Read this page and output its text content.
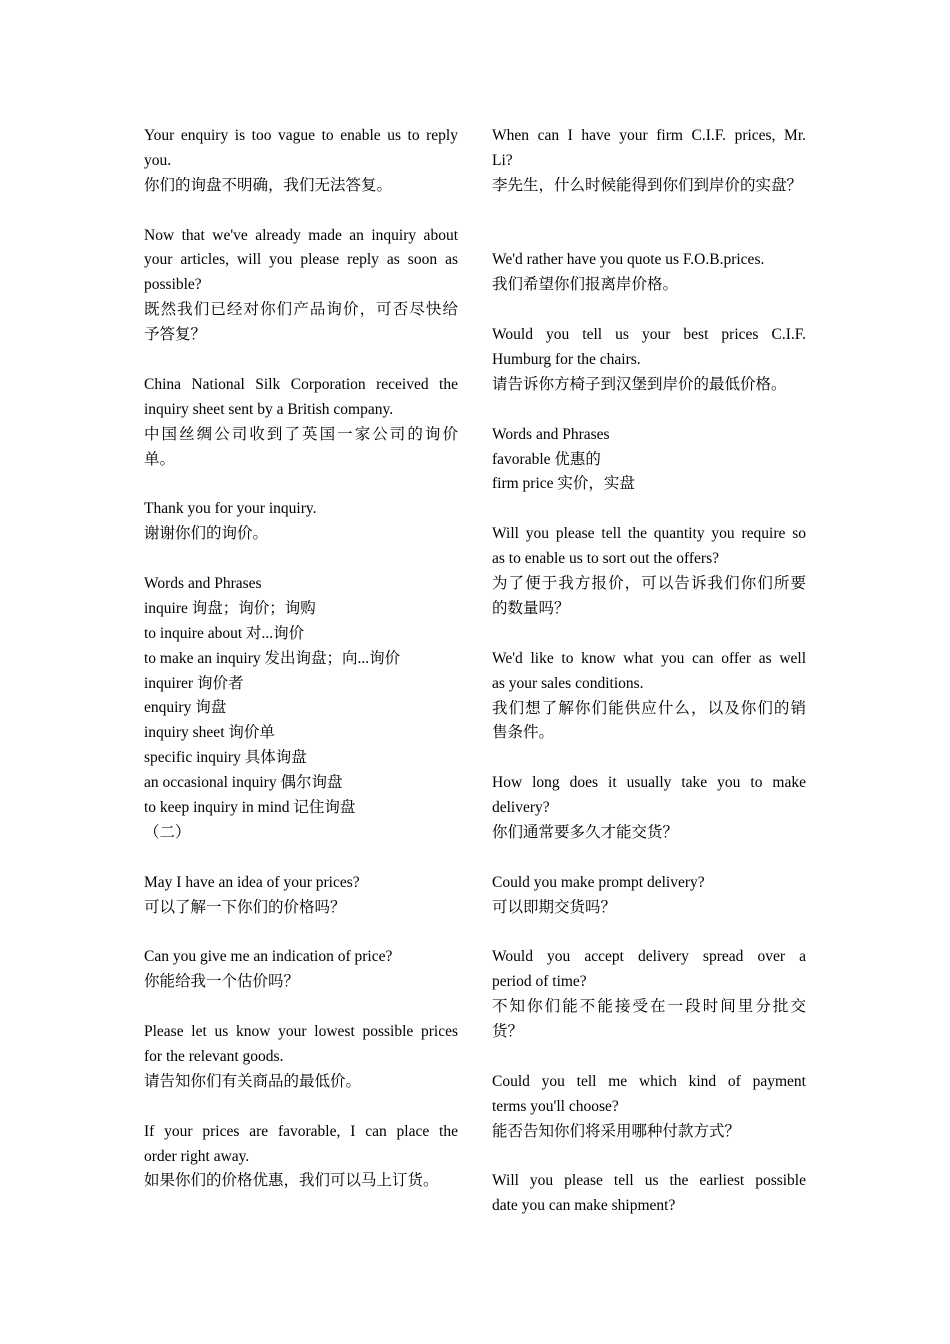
Your enquiry is too vague to enable us to reply
you.
你们的询盘不明确，我们无法答复。
Now that we've already made an inquiry about
your articles, will you please reply as soon as
possible?
既然我们已经对你们产品询价，可否尽快给
予答复？
China National Silk Corporation received the
inquiry sheet sent by a British company.
中国丝绸公司收到了英国一家公司的询价
单。
Thank you for your inquiry.
谢谢你们的询价。
Words and Phrases
inquire 询盘；询价；询购
to inquire about 对...询价
to make an inquiry 发出询盘；向...询价
inquirer 询价者
enquiry 询盘
inquiry sheet 询价单
specific inquiry 具体询盘
an occasional inquiry 偶尔询盘
to keep inquiry in mind 记住询盘
（二）
May I have an idea of your prices?
可以了解一下你们的价格吗？
Can you give me an indication of price?
你能给我一个估价吗？
Please let us know your lowest possible prices
for the relevant goods.
请告知你们有关商品的最低价。
If your prices are favorable, I can place the
order right away.
如果你们的价格优惠，我们可以马上订货。
When can I have your firm C.I.F. prices, Mr.
Li?
李先生，什么时候能得到你们到岸价的实盘？
We'd rather have you quote us F.O.B.prices.
我们希望你们报离岸价格。
Would you tell us your best prices C.I.F.
Humburg for the chairs.
请告诉你方椅子到汉堡到岸价的最低价格。
Words and Phrases
favorable 优惠的
firm price 实价，实盘
Will you please tell the quantity you require so
as to enable us to sort out the offers?
为了便于我方报价，可以告诉我们你们所要
的数量吗？
We'd like to know what you can offer as well
as your sales conditions.
我们想了解你们能供应什么，以及你们的销
售条件。
How long does it usually take you to make
delivery?
你们通常要多久才能交货？
Could you make prompt delivery?
可以即期交货吗？
Would you accept delivery spread over a
period of time?
不知你们能不能接受在一段时间里分批交
货？
Could you tell me which kind of payment
terms you'll choose?
能否告知你们将采用哪种付款方式？
Will you please tell us the earliest possible
date you can make shipment?
